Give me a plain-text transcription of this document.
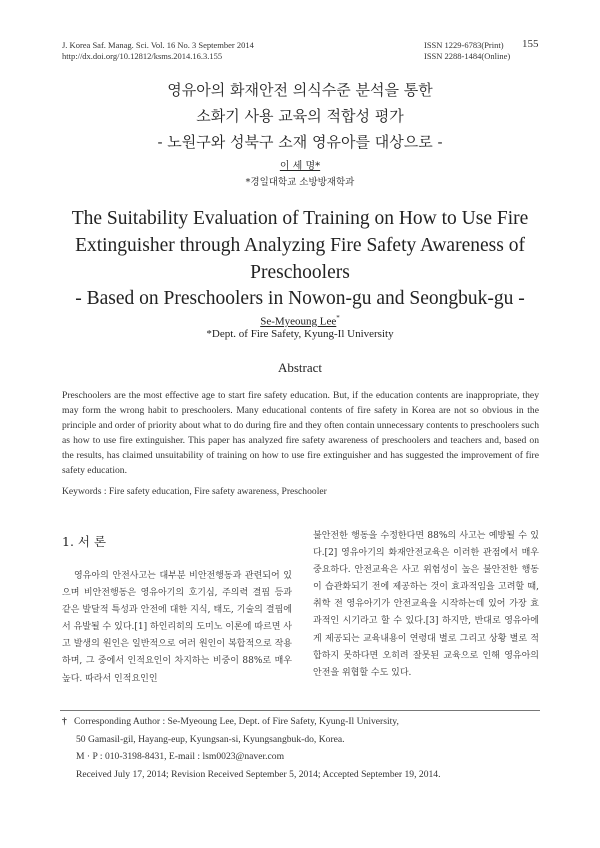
J. Korea Saf. Manag. Sci. Vol. 16 No. 3 September 2014
http://dx.doi.org/10.12812/ksms.2014.16.3.155
ISSN 1229-6783(Print)
ISSN 2288-1484(Online)
155
영유아의 화재안전 의식수준 분석을 통한
소화기 사용 교육의 적합성 평가
- 노원구와 성북구 소재 영유아를 대상으로 -
이 세 명*
*경일대학교 소방방재학과
The Suitability Evaluation of Training on How to Use Fire
Extinguisher through Analyzing Fire Safety Awareness of
Preschoolers
- Based on Preschoolers in Nowon-gu and Seongbuk-gu -
Se-Myeoung Lee*
*Dept. of Fire Safety, Kyung-Il University
Abstract
Preschoolers are the most effective age to start fire safety education. But, if the education contents are inappropriate, they may form the wrong habit to preschoolers. Many educational contents of fire safety in Korea are not so obvious in the principle and order of priority about what to do during fire and they often contain unnecessary contents to preschoolers such as how to use fire extinguisher. This paper has analyzed fire safety awareness of preschoolers and teachers and, based on the results, has claimed unsuitability of training on how to use fire extinguisher and has suggested the improvement of fire safety education.
Keywords : Fire safety education, Fire safety awareness, Preschooler
1. 서 론
영유아의 안전사고는 대부분 비안전행동과 관련되어 있으며 비안전행동은 영유아기의 호기심, 주의력 결핍 등과 같은 발달적 특성과 안전에 대한 지식, 태도, 기술의 결핍에서 유발될 수 있다.[1] 하인리히의 도미노 이론에 따르면 사고 발생의 원인은 일반적으로 여러 원인이 복합적으로 작용하며, 그 중에서 인적요인이 차지하는 비중이 88%로 매우 높다. 따라서 인적요인인
불안전한 행동을 수정한다면 88%의 사고는 예방될 수 있다.[2] 영유아기의 화재안전교육은 이러한 관점에서 매우 중요하다. 안전교육은 사고 위험성이 높은 불안전한 행동이 습관화되기 전에 제공하는 것이 효과적임을 고려할 때, 취학 전 영유아기가 안전교육을 시작하는데 있어 가장 효과적인 시기라고 할 수 있다.[3] 하지만, 반대로 영유아에게 제공되는 교육내용이 연령대 별로 그리고 상황 별로 적합하지 못하다면 오히려 잘못된 교육으로 인해 영유아의 안전을 위협할 수도 있다.
† Corresponding Author : Se-Myeoung Lee, Dept. of Fire Safety, Kyung-Il University,
50 Gamasil-gil, Hayang-eup, Kyungsan-si, Kyungsangbuk-do, Korea.
M · P : 010-3198-8431, E-mail : lsm0023@naver.com
Received July 17, 2014; Revision Received September 5, 2014; Accepted September 19, 2014.
